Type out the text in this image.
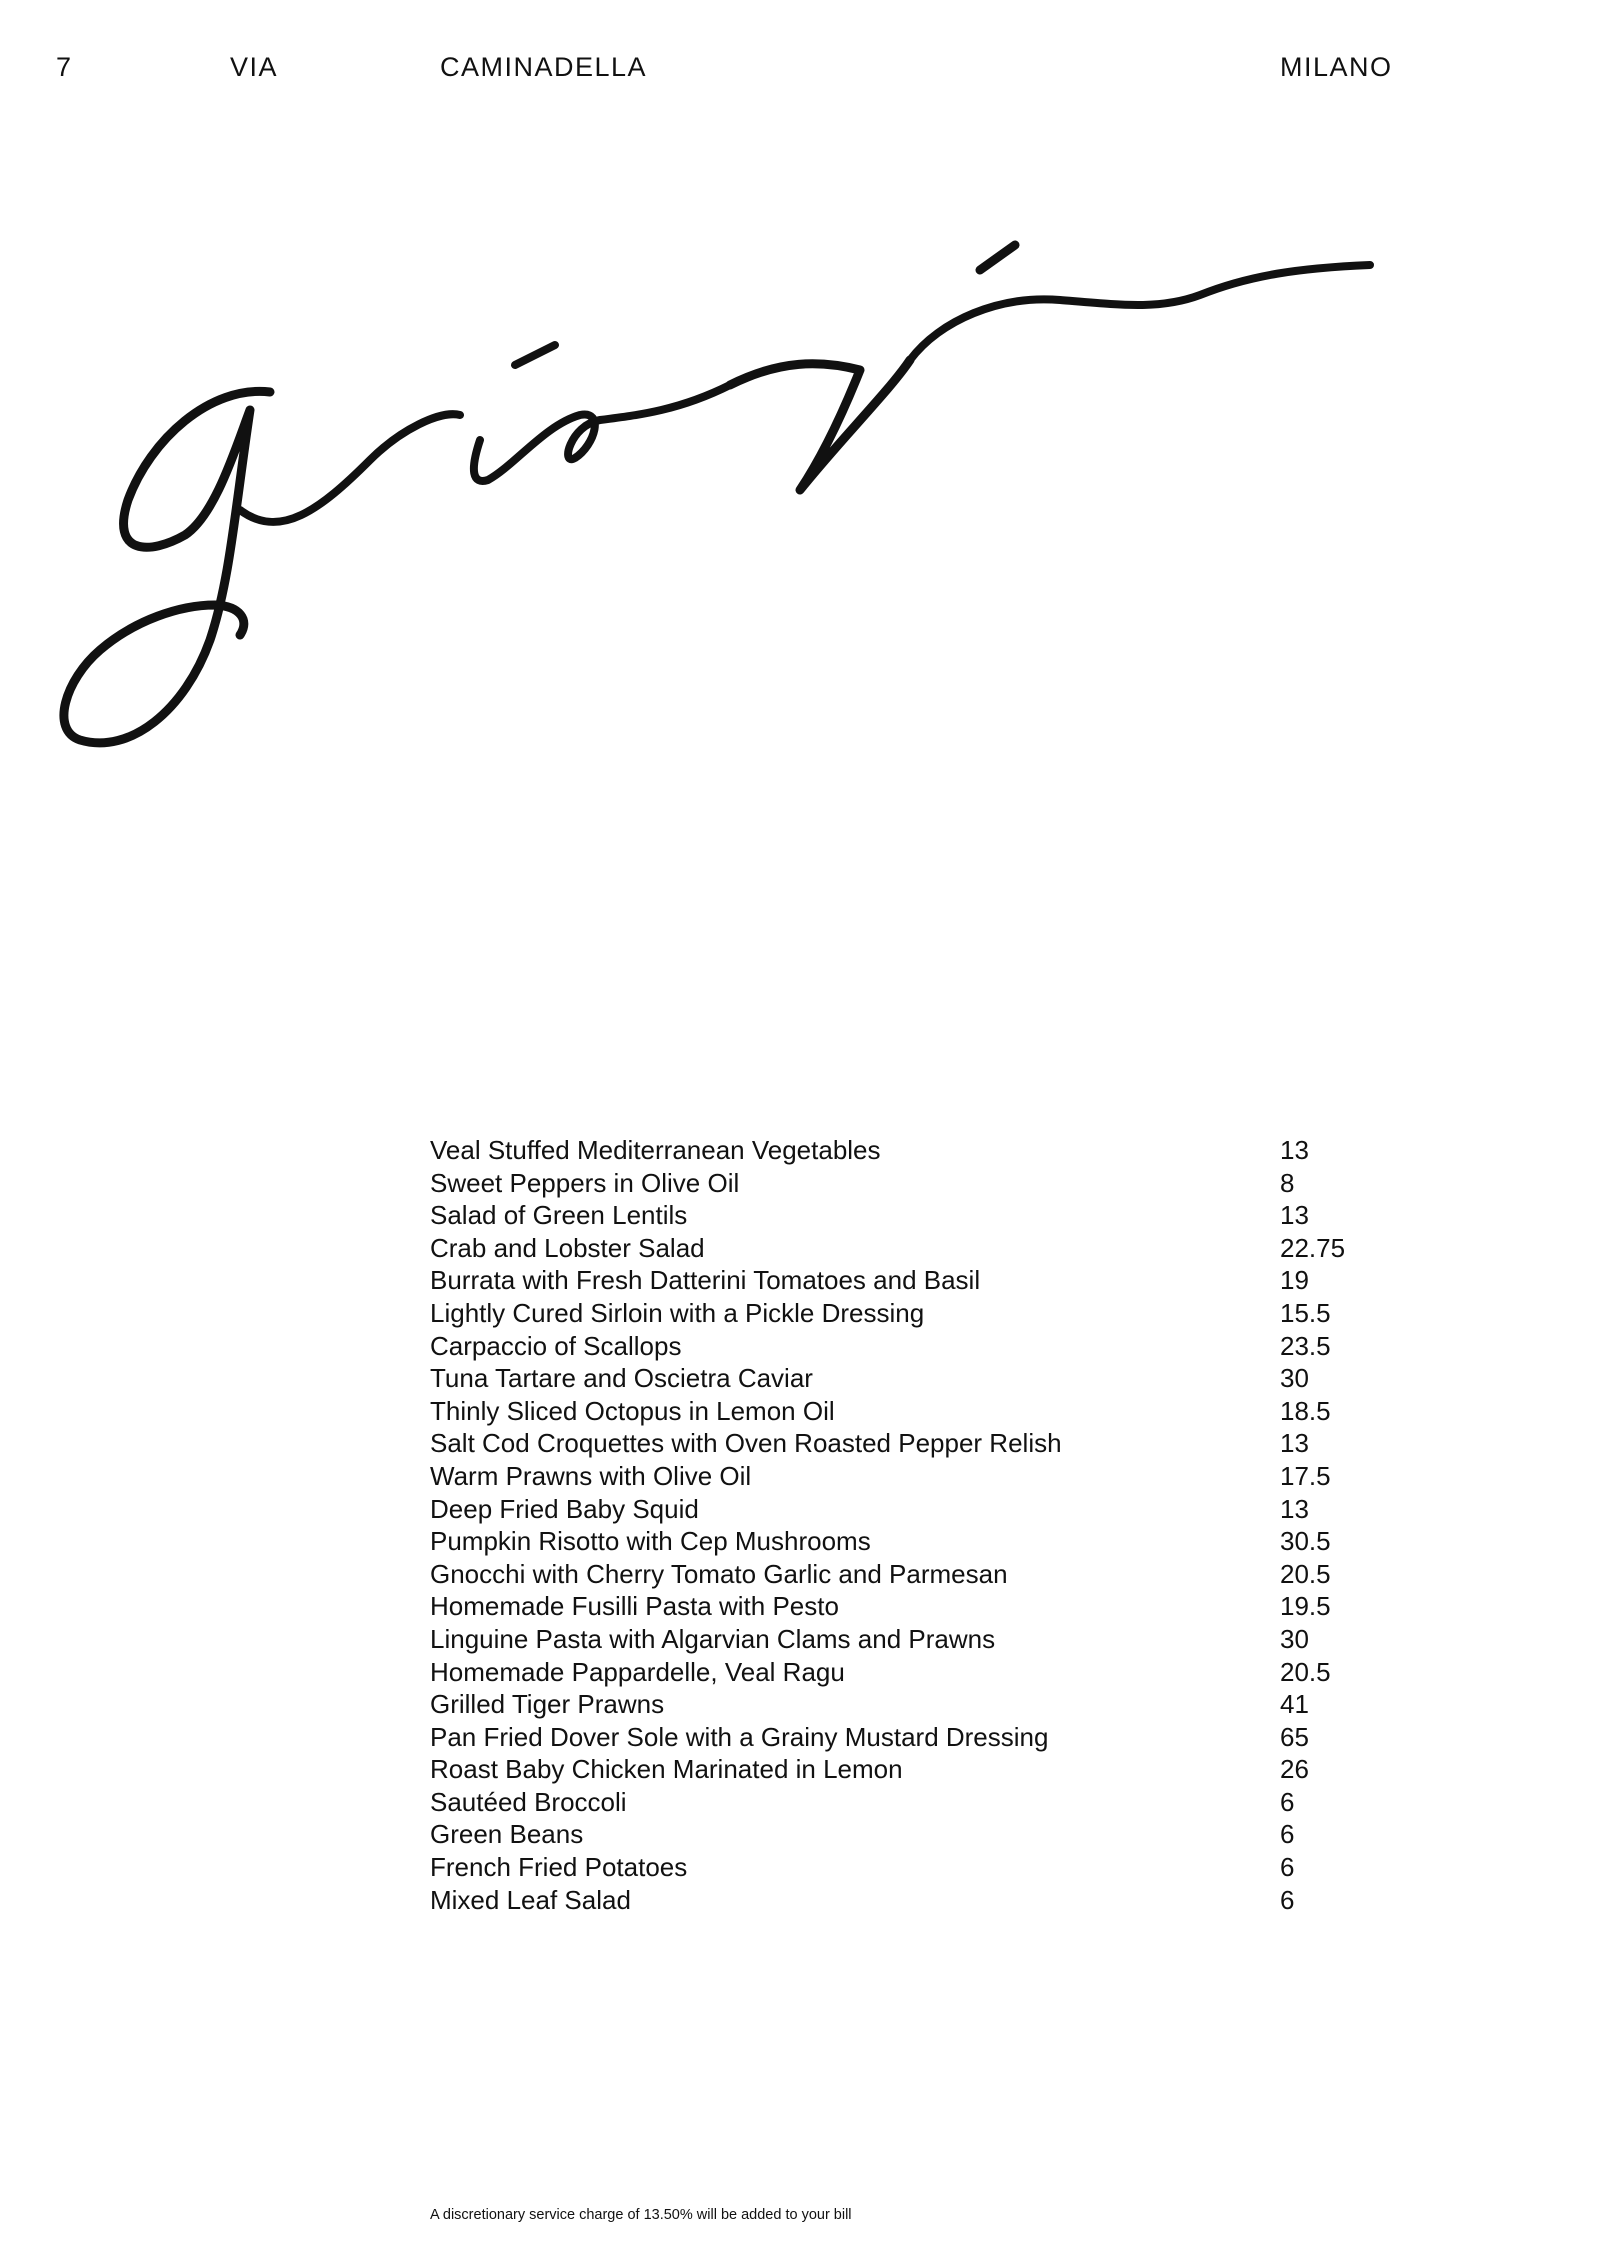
7	VIA	CAMINADELLA	MILANO
Veal Stuffed Mediterranean Vegetables	13
Sweet Peppers in Olive Oil	8
Salad of Green Lentils	13
Crab and Lobster Salad	22.75
Burrata with Fresh Datterini Tomatoes and Basil	19
Lightly Cured Sirloin with a Pickle Dressing	15.5
Carpaccio of Scallops	23.5
Tuna Tartare and Oscietra Caviar	30
Thinly Sliced Octopus in Lemon Oil	18.5
Salt Cod Croquettes with Oven Roasted Pepper Relish	13
Warm Prawns with Olive Oil	17.5
Deep Fried Baby Squid	13
Pumpkin Risotto with Cep Mushrooms	30.5
Gnocchi with Cherry Tomato Garlic and Parmesan	20.5
Homemade Fusilli Pasta with Pesto	19.5
Linguine Pasta with Algarvian Clams and Prawns	30
Homemade Pappardelle, Veal Ragu	20.5
Grilled Tiger Prawns	41
Pan Fried Dover Sole with a Grainy Mustard Dressing	65
Roast Baby Chicken Marinated in Lemon	26
Sautéed Broccoli	6
Green Beans	6
French Fried Potatoes	6
Mixed Leaf Salad	6
A discretionary service charge of 13.50% will be added to your bill
